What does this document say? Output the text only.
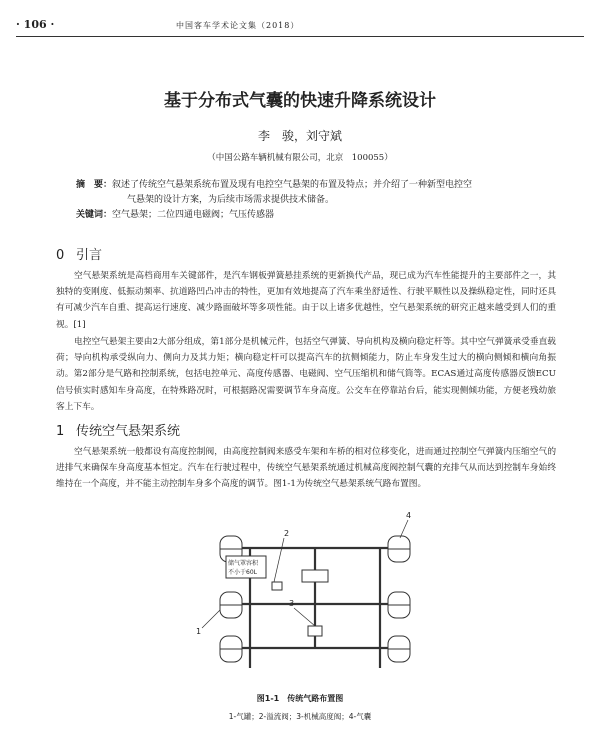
· 106 ·	中国客车学术论文集（2018）
基于分布式气囊的快速升降系统设计
李　骏，刘守斌
（中国公路车辆机械有限公司，北京　100055）
摘　要：叙述了传统空气悬架系统布置及现有电控空气悬架的布置及特点；并介绍了一种新型电控空
气悬架的设计方案，为后续市场需求提供技术储备。
关键词：空气悬架；二位四通电磁阀；气压传感器
0 引言
空气悬架系统是高档商用车关键部件，是汽车钢板弹簧悬挂系统的更新换代产品，现已成为汽车性能提升的主要部件之一，其独特的变刚度、低振动频率、抗道路凹凸冲击的特性，更加有效地提高了汽车乘坐舒适性、行驶平顺性以及操纵稳定性，同时还具有可减少汽车自重、提高运行速度、减少路面破坏等多项性能。由于以上诸多优越性，空气悬架系统的研究正越来越受到人们的重视。[1]
电控空气悬架主要由2大部分组成，第1部分是机械元件，包括空气弹簧、导向机构及横向稳定杆等。其中空气弹簧承受垂直载荷；导向机构承受纵向力、侧向力及其力矩；横向稳定杆可以提高汽车的抗侧倾能力，防止车身发生过大的横向侧倾和横向角振动。第2部分是气路和控制系统，包括电控单元、高度传感器、电磁阀、空气压缩机和储气筒等。ECAS通过高度传感器反馈ECU信号侦实时感知车身高度，在特殊路况时，可根据路况需要调节车身高度。公交车在停靠站台后，能实现侧倾功能，方便老残幼旅客上下车。
1 传统空气悬架系统
空气悬架系统一般都设有高度控制阀，由高度控制阀来感受车架和车桥的相对位移变化，进而通过控制空气弹簧内压缩空气的进排气来确保车身高度基本恒定。汽车在行驶过程中，传统空气悬架系统通过机械高度阀控制气囊的充排气从而达到控制车身始终维持在一个高度，并不能主动控制车身多个高度的调节。图1-1为传统空气悬架系统气路布置图。
储气罩容积
不小于60L
1
2
3
4
图1-1　传统气路布置图
1-气罐；2-溢流阀；3-机械高度阀；4-气囊
